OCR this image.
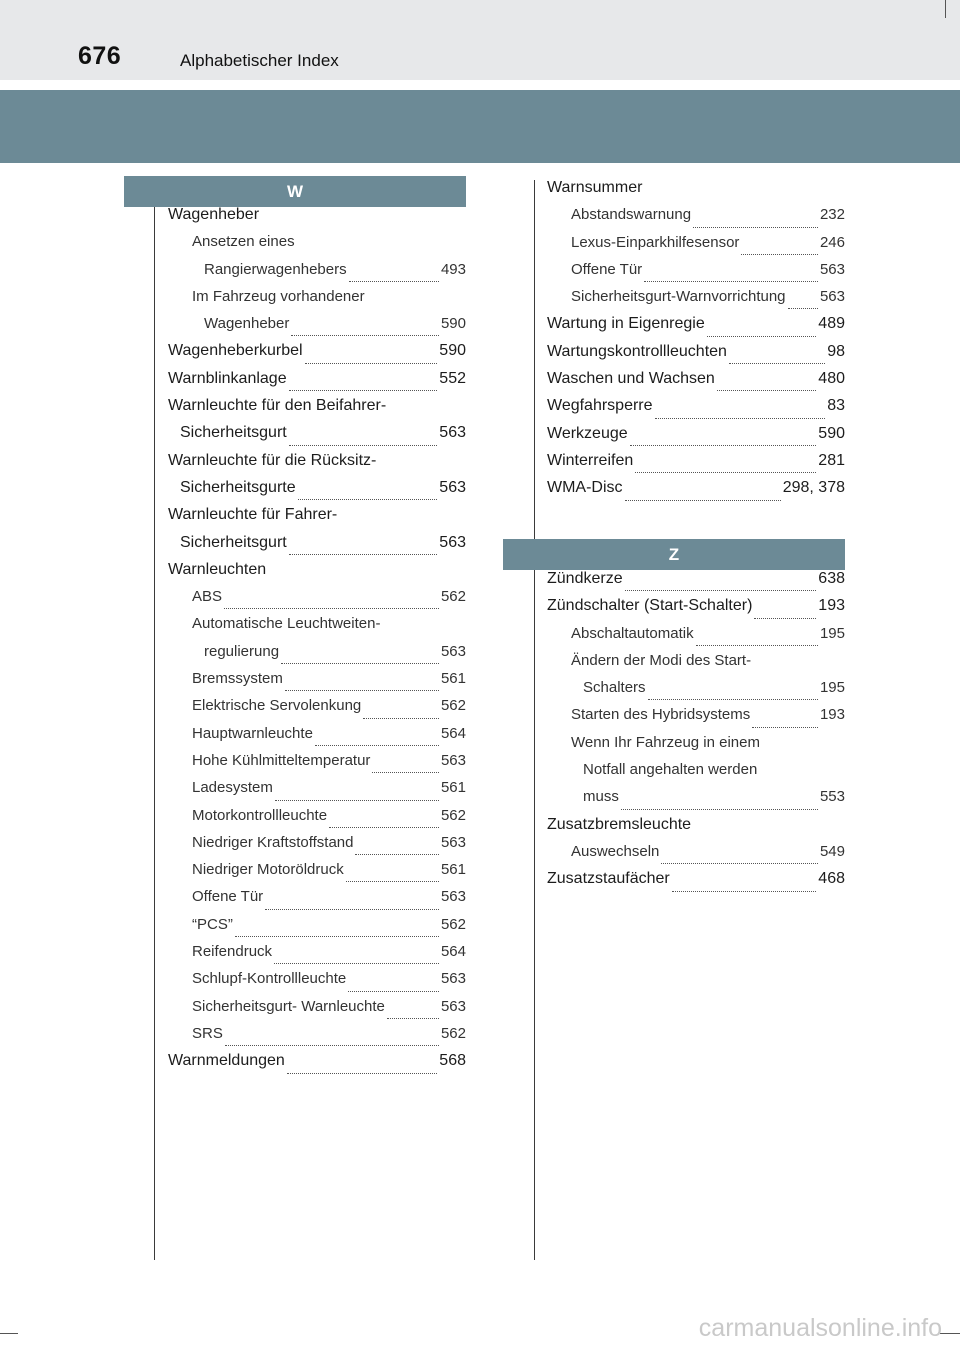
676	Alphabetischer Index
W
Z
Wagenheber
Ansetzen eines
Rangierwagenhebers	493
Im Fahrzeug vorhandener
Wagenheber	590
Wagenheberkurbel	590
Warnblinkanlage	552
Warnleuchte für den Beifahrer-
Sicherheitsgurt	563
Warnleuchte für die Rücksitz-
Sicherheitsgurte	563
Warnleuchte für Fahrer-
Sicherheitsgurt	563
Warnleuchten
ABS	562
Automatische Leuchtweiten-
regulierung	563
Bremssystem	561
Elektrische Servolenkung	562
Hauptwarnleuchte	564
Hohe Kühlmitteltemperatur	563
Ladesystem	561
Motorkontrollleuchte	562
Niedriger Kraftstoffstand	563
Niedriger Motoröldruck	561
Offene Tür	563
“PCS”	562
Reifendruck	564
Schlupf-Kontrollleuchte	563
Sicherheitsgurt- Warnleuchte	563
SRS	562
Warnmeldungen	568
Warnsummer
Abstandswarnung	232
Lexus-Einparkhilfesensor	246
Offene Tür	563
Sicherheitsgurt-Warnvorrichtung 563
Wartung in Eigenregie	489
Wartungskontrollleuchten	98
Waschen und Wachsen	480
Wegfahrsperre	83
Werkzeuge	590
Winterreifen	281
WMA-Disc	298, 378
Zündkerze	638
Zündschalter (Start-Schalter)	193
Abschaltautomatik	195
Ändern der Modi des Start-
Schalters	195
Starten des Hybridsystems	193
Wenn Ihr Fahrzeug in einem
Notfall angehalten werden
muss	553
Zusatzbremsleuchte
Auswechseln	549
Zusatzstaufächer	468
carmanualsonline.info
